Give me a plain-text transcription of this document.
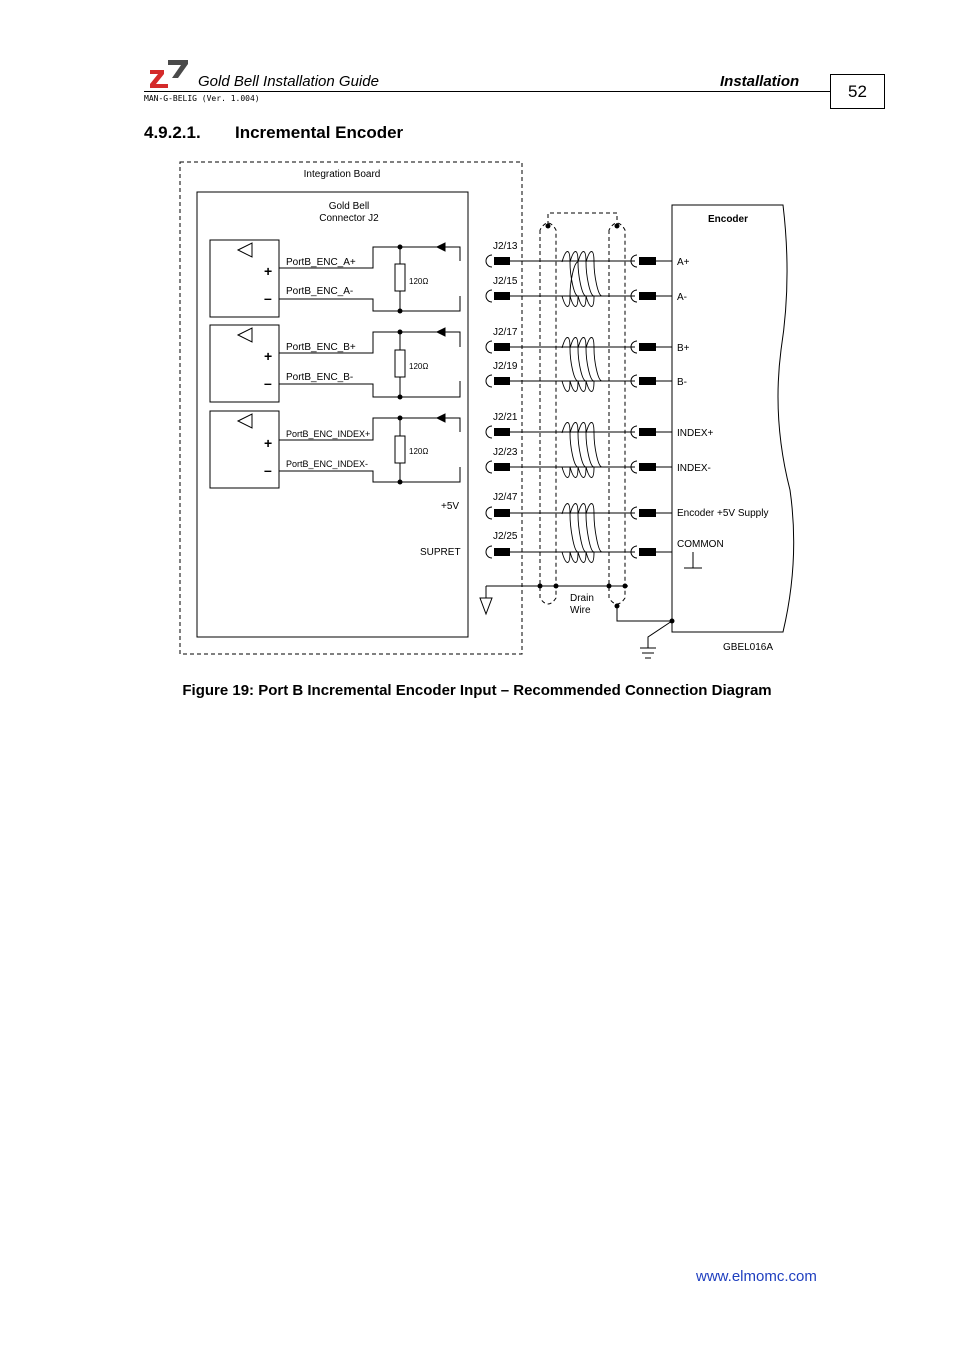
Gold Bell Installation Guide	Installation
MAN-G-BELIG (Ver. 1.004)	52
4.9.2.1. Incremental Encoder
Integration Board
Gold Bell
Connector J2	Encoder
+
–
+
–
+
–
PortB_ENC_A+
PortB_ENC_A-
PortB_ENC_B+
PortB_ENC_B-
PortB_ENC_INDEX+
PortB_ENC_INDEX-
120Ω
120Ω
120Ω
J2/13
J2/15
J2/17
J2/19
J2/21
J2/23
J2/47
J2/25
+5V
SUPRET
A+
A-
B+
B-
INDEX+
INDEX-
Encoder +5V Supply
COMMON
Drain
Wire
GBEL016A
Figure 19: Port B Incremental Encoder Input – Recommended Connection Diagram
www.elmomc.com
